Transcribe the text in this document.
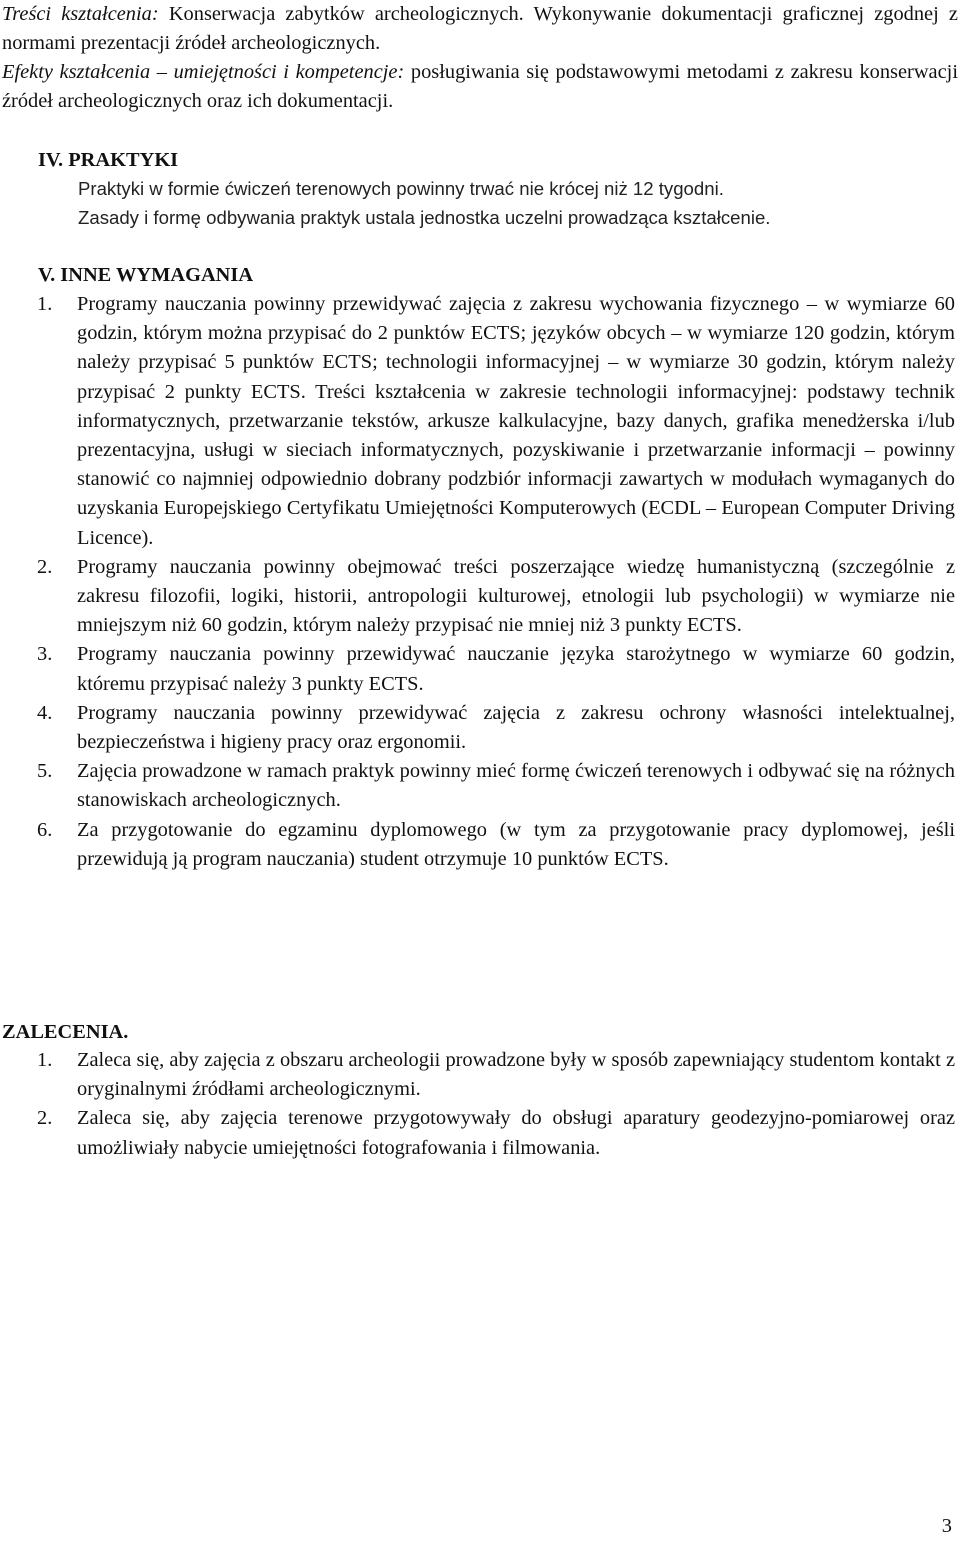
Treści kształcenia: Konserwacja zabytków archeologicznych. Wykonywanie dokumentacji graficznej zgodnej z normami prezentacji źródeł archeologicznych.

Efekty kształcenia – umiejętności i kompetencje: posługiwania się podstawowymi metodami z zakresu konserwacji źródeł archeologicznych oraz ich dokumentacji.

IV. PRAKTYKI

Praktyki w formie ćwiczeń terenowych powinny trwać nie krócej niż 12 tygodni.

Zasady i formę odbywania praktyk ustala jednostka uczelni prowadząca kształcenie.

V. INNE WYMAGANIA
1. Programy nauczania powinny przewidywać zajęcia z zakresu wychowania fizycznego – w wymiarze 60 godzin, którym można przypisać do 2 punktów ECTS; języków obcych – w wymiarze 120 godzin, którym należy przypisać 5 punktów ECTS; technologii informacyjnej – w wymiarze 30 godzin, którym należy przypisać 2 punkty ECTS. Treści kształcenia w zakresie technologii informacyjnej: podstawy technik informatycznych, przetwarzanie tekstów, arkusze kalkulacyjne, bazy danych, grafika menedżerska i/lub prezentacyjna, usługi w sieciach informatycznych, pozyskiwanie i przetwarzanie informacji – powinny stanowić co najmniej odpowiednio dobrany podzbiór informacji zawartych w modułach wymaganych do uzyskania Europejskiego Certyfikatu Umiejętności Komputerowych (ECDL – European Computer Driving Licence).
2. Programy nauczania powinny obejmować treści poszerzające wiedzę humanistyczną (szczególnie z zakresu filozofii, logiki, historii, antropologii kulturowej, etnologii lub psychologii) w wymiarze nie mniejszym niż 60 godzin, którym należy przypisać nie mniej niż 3 punkty ECTS.
3. Programy nauczania powinny przewidywać nauczanie języka starożytnego w wymiarze 60 godzin, któremu przypisać należy 3 punkty ECTS.
4. Programy nauczania powinny przewidywać zajęcia z zakresu ochrony własności intelektualnej, bezpieczeństwa i higieny pracy oraz ergonomii.
5. Zajęcia prowadzone w ramach praktyk powinny mieć formę ćwiczeń terenowych i odbywać się na różnych stanowiskach archeologicznych.
6. Za przygotowanie do egzaminu dyplomowego (w tym za przygotowanie pracy dyplomowej, jeśli przewidują ją program nauczania) student otrzymuje 10 punktów ECTS.
ZALECENIA.
1. Zaleca się, aby zajęcia z obszaru archeologii prowadzone były w sposób zapewniający studentom kontakt z oryginalnymi źródłami archeologicznymi.
2. Zaleca się, aby zajęcia terenowe przygotowywały do obsługi aparatury geodezyjno-pomiarowej oraz umożliwiały nabycie umiejętności fotografowania i filmowania.
3
